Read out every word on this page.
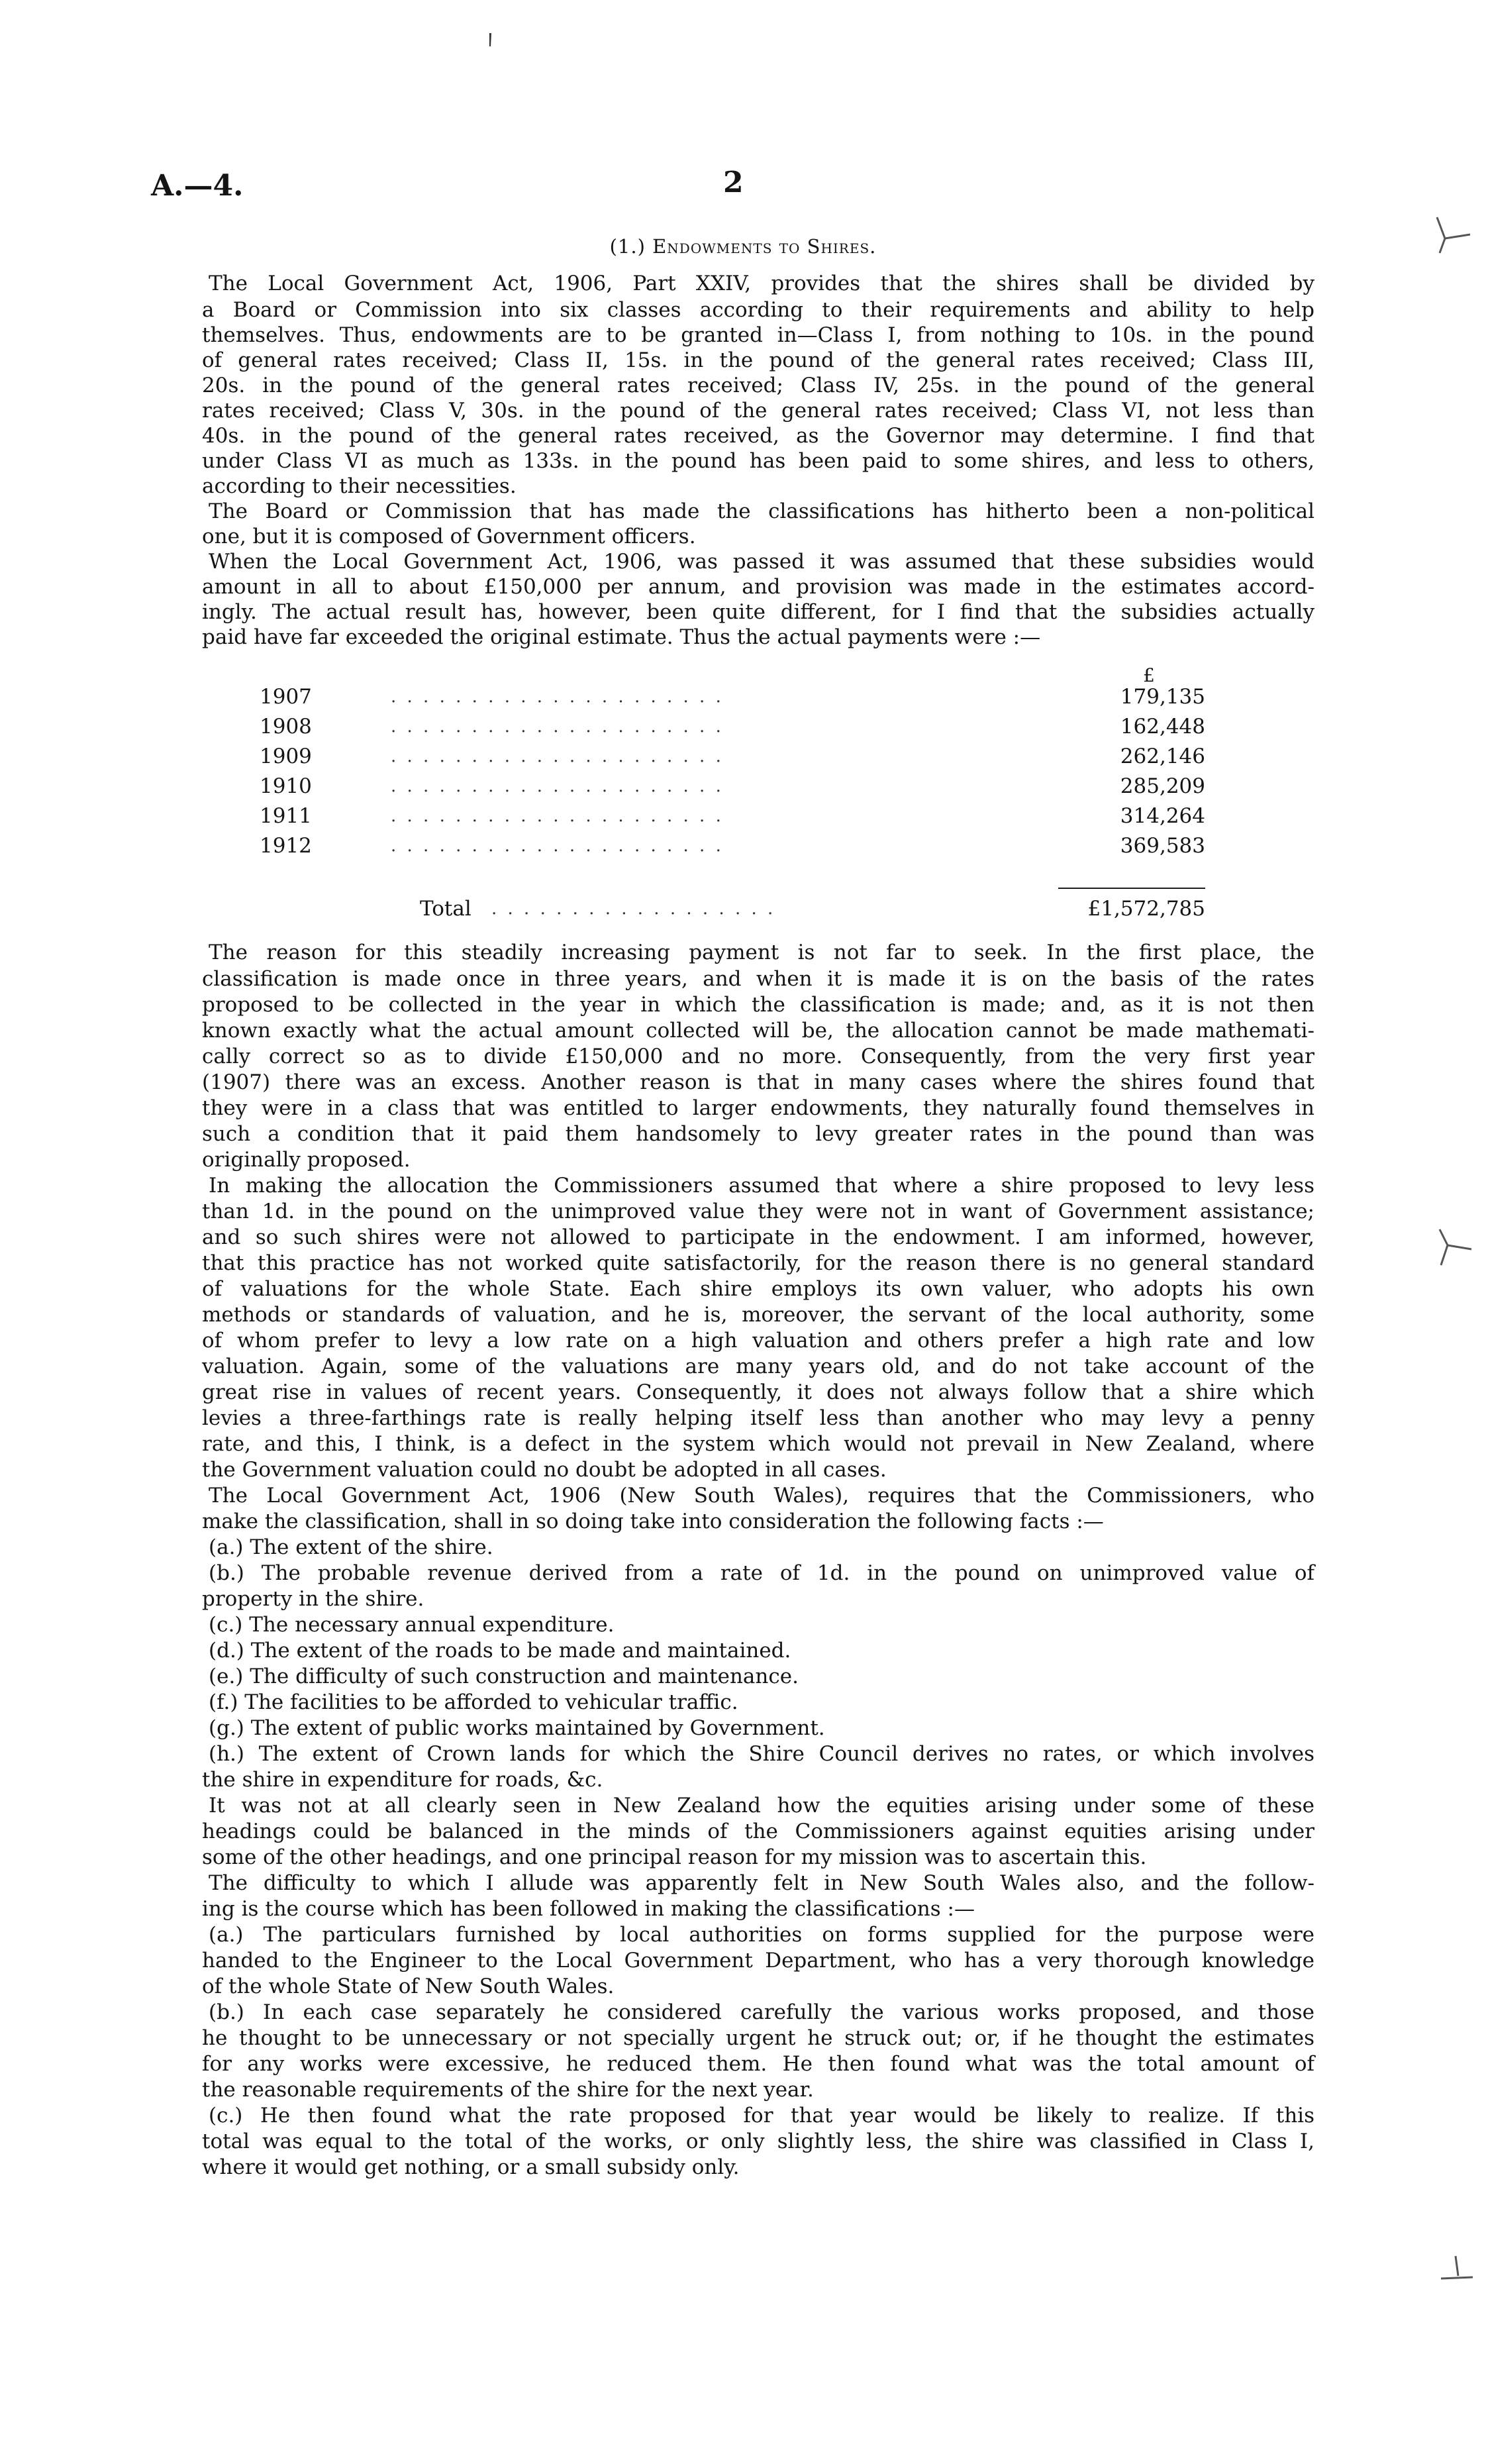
A.—4.	2
(1.) Endowments to Shires.
The Local Government Act, 1906, Part XXIV, provides that the shires shall be divided by
a Board or Commission into six classes according to their requirements and ability to help
themselves. Thus, endowments are to be granted in—Class I, from nothing to 10s. in the pound
of general rates received; Class II, 15s. in the pound of the general rates received; Class III,
20s. in the pound of the general rates received; Class IV, 25s. in the pound of the general
rates received; Class V, 30s. in the pound of the general rates received; Class VI, not less than
40s. in the pound of the general rates received, as the Governor may determine. I find that
under Class VI as much as 133s. in the pound has been paid to some shires, and less to others,
according to their necessities.
The Board or Commission that has made the classifications has hitherto been a non-political
one, but it is composed of Government officers.
When the Local Government Act, 1906, was passed it was assumed that these subsidies would
amount in all to about £150,000 per annum, and provision was made in the estimates accord-
ingly. The actual result has, however, been quite different, for I find that the subsidies actually
paid have far exceeded the original estimate. Thus the actual payments were :—
£
1907	. . . . . . . . . . . . . . . . . . . . .	179,135
1908	. . . . . . . . . . . . . . . . . . . . .	162,448
1909	. . . . . . . . . . . . . . . . . . . . .	262,146
1910	. . . . . . . . . . . . . . . . . . . . .	285,209
1911	. . . . . . . . . . . . . . . . . . . . .	314,264
1912	. . . . . . . . . . . . . . . . . . . . .	369,583
Total . . . . . . . . . . . . . . . . . .	£1,572,785
The reason for this steadily increasing payment is not far to seek. In the first place, the
classification is made once in three years, and when it is made it is on the basis of the rates
proposed to be collected in the year in which the classification is made; and, as it is not then
known exactly what the actual amount collected will be, the allocation cannot be made mathemati-
cally correct so as to divide £150,000 and no more. Consequently, from the very first year
(1907) there was an excess. Another reason is that in many cases where the shires found that
they were in a class that was entitled to larger endowments, they naturally found themselves in
such a condition that it paid them handsomely to levy greater rates in the pound than was
originally proposed.
In making the allocation the Commissioners assumed that where a shire proposed to levy less
than 1d. in the pound on the unimproved value they were not in want of Government assistance;
and so such shires were not allowed to participate in the endowment. I am informed, however,
that this practice has not worked quite satisfactorily, for the reason there is no general standard
of valuations for the whole State. Each shire employs its own valuer, who adopts his own
methods or standards of valuation, and he is, moreover, the servant of the local authority, some
of whom prefer to levy a low rate on a high valuation and others prefer a high rate and low
valuation. Again, some of the valuations are many years old, and do not take account of the
great rise in values of recent years. Consequently, it does not always follow that a shire which
levies a three-farthings rate is really helping itself less than another who may levy a penny
rate, and this, I think, is a defect in the system which would not prevail in New Zealand, where
the Government valuation could no doubt be adopted in all cases.
The Local Government Act, 1906 (New South Wales), requires that the Commissioners, who
make the classification, shall in so doing take into consideration the following facts :—
(a.) The extent of the shire.
(b.) The probable revenue derived from a rate of 1d. in the pound on unimproved value of
property in the shire.
(c.) The necessary annual expenditure.
(d.) The extent of the roads to be made and maintained.
(e.) The difficulty of such construction and maintenance.
(f.) The facilities to be afforded to vehicular traffic.
(g.) The extent of public works maintained by Government.
(h.) The extent of Crown lands for which the Shire Council derives no rates, or which involves
the shire in expenditure for roads, &c.
It was not at all clearly seen in New Zealand how the equities arising under some of these
headings could be balanced in the minds of the Commissioners against equities arising under
some of the other headings, and one principal reason for my mission was to ascertain this.
The difficulty to which I allude was apparently felt in New South Wales also, and the follow-
ing is the course which has been followed in making the classifications :—
(a.) The particulars furnished by local authorities on forms supplied for the purpose were
handed to the Engineer to the Local Government Department, who has a very thorough knowledge
of the whole State of New South Wales.
(b.) In each case separately he considered carefully the various works proposed, and those
he thought to be unnecessary or not specially urgent he struck out; or, if he thought the estimates
for any works were excessive, he reduced them. He then found what was the total amount of
the reasonable requirements of the shire for the next year.
(c.) He then found what the rate proposed for that year would be likely to realize. If this
total was equal to the total of the works, or only slightly less, the shire was classified in Class I,
where it would get nothing, or a small subsidy only.
